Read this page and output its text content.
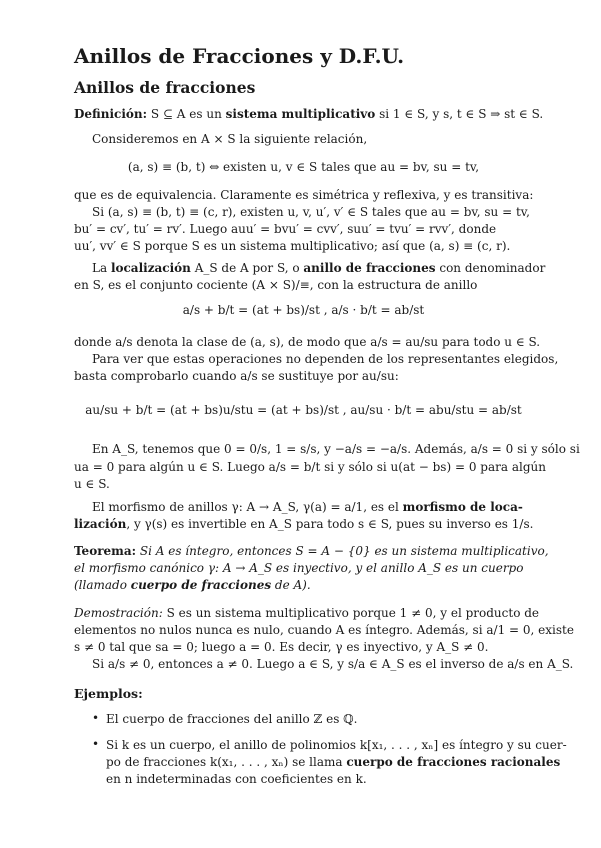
Anillos de Fracciones y D.F.U.
Anillos de fracciones
Definición: S ⊆ A es un sistema multiplicativo si 1 ∈ S, y s, t ∈ S ⇒ st ∈ S.
Consideremos en A × S la siguiente relación,
(a, s) ≡ (b, t) ⇔ existen u, v ∈ S tales que au = bv, su = tv,
que es de equivalencia. Claramente es simétrica y reflexiva, y es transitiva:
Si (a, s) ≡ (b, t) ≡ (c, r), existen u, v, u′, v′ ∈ S tales que au = bv, su = tv,
bu′ = cv′, tu′ = rv′. Luego auu′ = bvu′ = cvv′, suu′ = tvu′ = rvv′, donde
uu′, vv′ ∈ S porque S es un sistema multiplicativo; así que (a, s) ≡ (c, r).
La localización A_S de A por S, o anillo de fracciones con denominador
en S, es el conjunto cociente (A × S)/≡, con la estructura de anillo
a/s + b/t = (at + bs)/st , a/s · b/t = ab/st
donde a/s denota la clase de (a, s), de modo que a/s = au/su para todo u ∈ S.
Para ver que estas operaciones no dependen de los representantes elegidos,
basta comprobarlo cuando a/s se sustituye por au/su:
au/su + b/t = (at + bs)u/stu = (at + bs)/st , au/su · b/t = abu/stu = ab/st
En A_S, tenemos que 0 = 0/s, 1 = s/s, y −a/s = −a/s. Además, a/s = 0 si y sólo si
ua = 0 para algún u ∈ S. Luego a/s = b/t si y sólo si u(at − bs) = 0 para algún
u ∈ S.
El morfismo de anillos γ: A → A_S, γ(a) = a/1, es el morfismo de loca-
lización, y γ(s) es invertible en A_S para todo s ∈ S, pues su inverso es 1/s.
Teorema: Si A es íntegro, entonces S = A − {0} es un sistema multiplicativo,
el morfismo canónico γ: A → A_S es inyectivo, y el anillo A_S es un cuerpo
(llamado cuerpo de fracciones de A).
Demostración: S es un sistema multiplicativo porque 1 ≠ 0, y el producto de
elementos no nulos nunca es nulo, cuando A es íntegro. Además, si a/1 = 0, existe
s ≠ 0 tal que sa = 0; luego a = 0. Es decir, γ es inyectivo, y A_S ≠ 0.
Si a/s ≠ 0, entonces a ≠ 0. Luego a ∈ S, y s/a ∈ A_S es el inverso de a/s en A_S.
Ejemplos:
• El cuerpo de fracciones del anillo ℤ es ℚ.
• Si k es un cuerpo, el anillo de polinomios k[x₁, . . . , xₙ] es íntegro y su cuer-
po de fracciones k(x₁, . . . , xₙ) se llama cuerpo de fracciones racionales
en n indeterminadas con coeficientes en k.
